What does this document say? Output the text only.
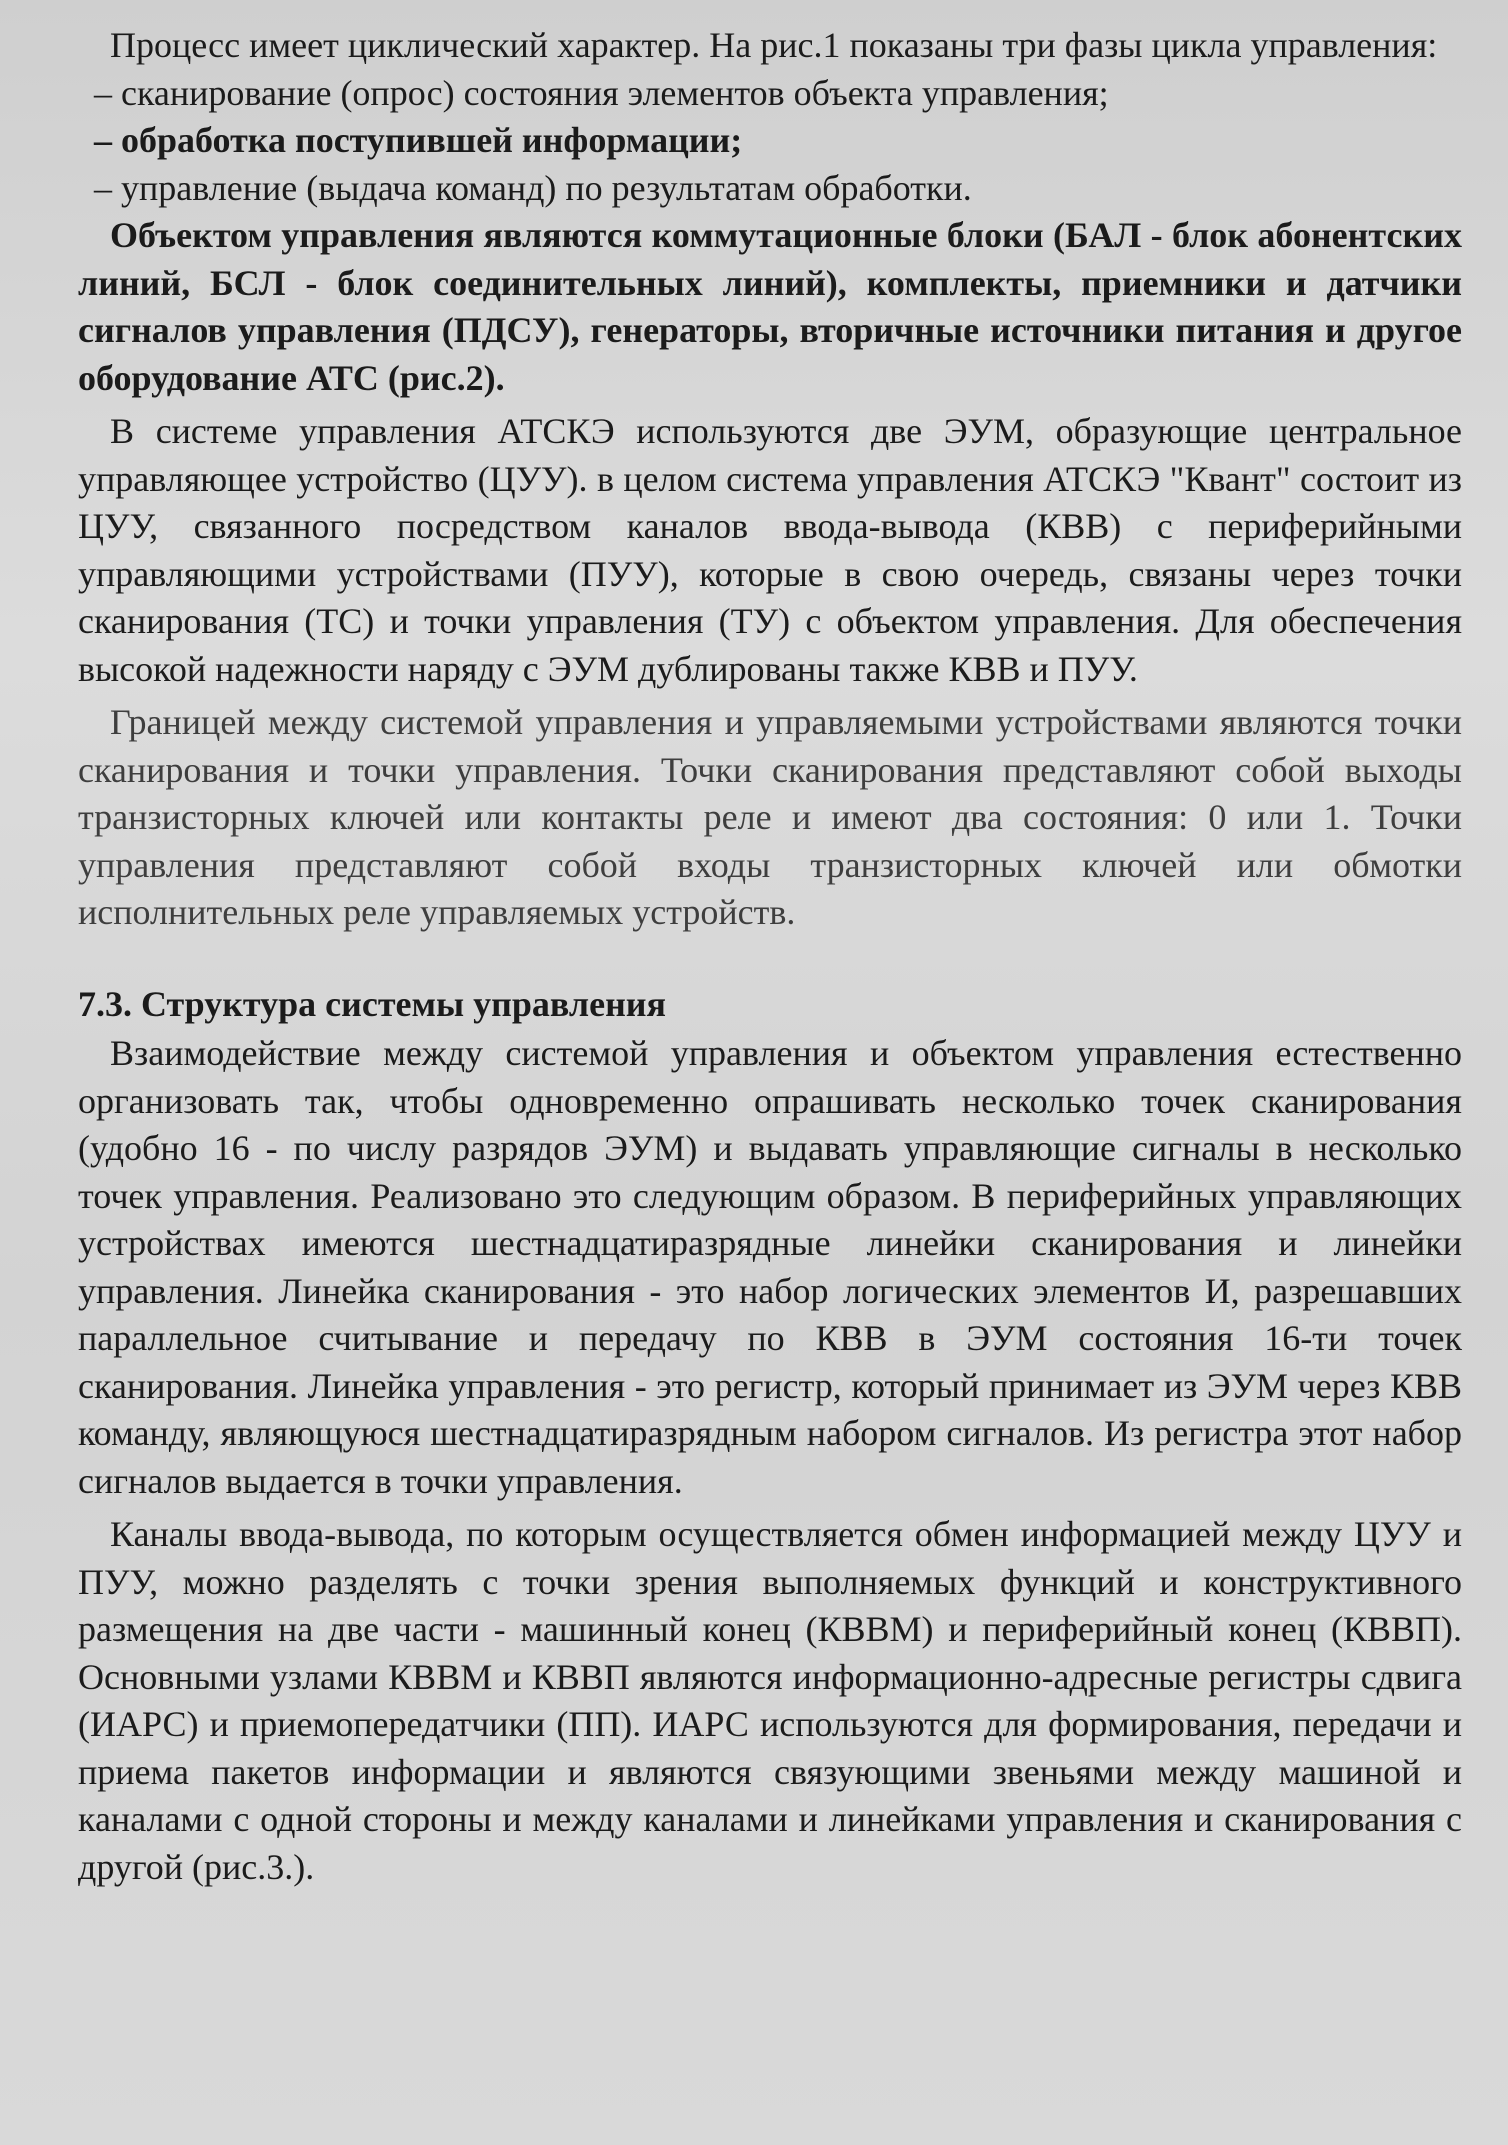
Процесс имеет циклический характер. На рис.1 показаны три фазы цикла управления:

– сканирование (опрос) состояния элементов объекта управления;

– обработка поступившей информации;

– управление (выдача команд) по результатам обработки.

Объектом управления являются коммутационные блоки (БАЛ - блок абонентских линий, БСЛ - блок соединительных линий), комплекты, приемники и датчики сигналов управления (ПДСУ), генераторы, вторичные источники питания и другое оборудование АТС (рис.2).

В системе управления АТСКЭ используются две ЭУМ, образующие центральное управляющее устройство (ЦУУ). в целом система управления АТСКЭ "Квант" состоит из ЦУУ, связанного посредством каналов ввода-вывода (КВВ) с периферийными управляющими устройствами (ПУУ), которые в свою очередь, связаны через точки сканирования (ТС) и точки управления (ТУ) с объектом управления. Для обеспечения высокой надежности наряду с ЭУМ дублированы также КВВ и ПУУ.

Границей между системой управления и управляемыми устройствами являются точки сканирования и точки управления. Точки сканирования представляют собой выходы транзисторных ключей или контакты реле и имеют два состояния: 0 или 1. Точки управления представляют собой входы транзисторных ключей или обмотки исполнительных реле управляемых устройств.

7.3. Структура системы управления

Взаимодействие между системой управления и объектом управления естественно организовать так, чтобы одновременно опрашивать несколько точек сканирования (удобно 16 - по числу разрядов ЭУМ) и выдавать управляющие сигналы в несколько точек управления. Реализовано это следующим образом. В периферийных управляющих устройствах имеются шестнадцатиразрядные линейки сканирования и линейки управления. Линейка сканирования - это набор логических элементов И, разрешавших параллельное считывание и передачу по КВВ в ЭУМ состояния 16-ти точек сканирования. Линейка управления - это регистр, который принимает из ЭУМ через КВВ команду, являющуюся шестнадцатиразрядным набором сигналов. Из регистра этот набор сигналов выдается в точки управления.

Каналы ввода-вывода, по которым осуществляется обмен информацией между ЦУУ и ПУУ, можно разделять с точки зрения выполняемых функций и конструктивного размещения на две части - машинный конец (КВВМ) и периферийный конец (КВВП). Основными узлами КВВМ и КВВП являются информационно-адресные регистры сдвига (ИАРС) и приемопередатчики (ПП). ИАРС используются для формирования, передачи и приема пакетов информации и являются связующими звеньями между машиной и каналами с одной стороны и между каналами и линейками управления и сканирования с другой (рис.3.).
